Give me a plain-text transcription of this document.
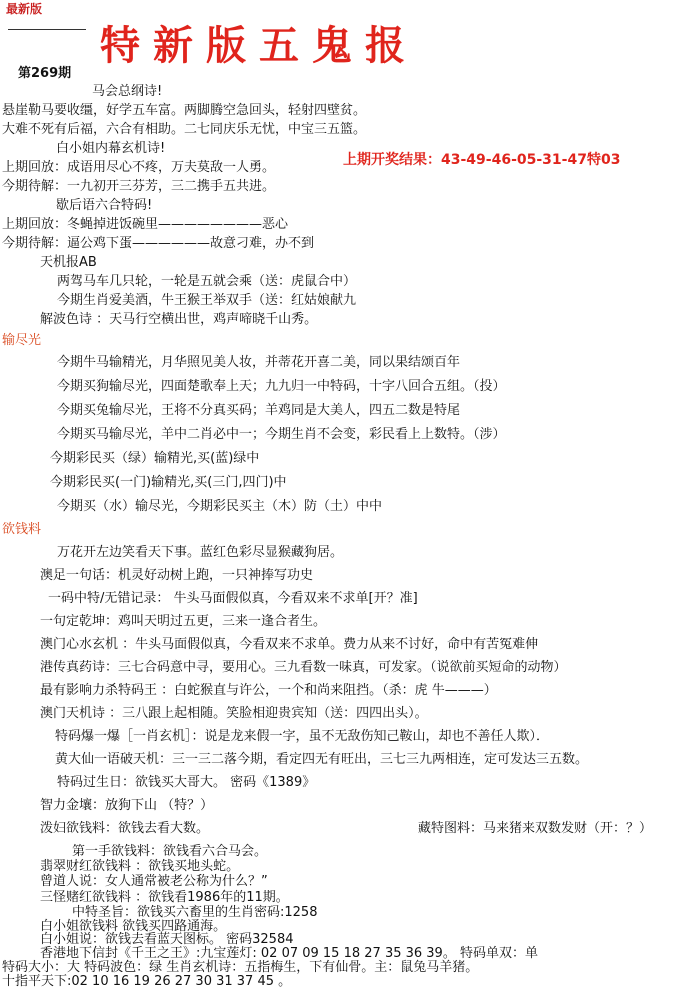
最新版
特新版五鬼报
第269期
上期开奖结果：43-49-46-05-31-47特03
马会总纲诗!
悬崖勒马要收缰，好学五车富。两脚腾空急回头，轻射四壁贫。
大难不死有后福，六合有相助。二七同庆乐无忧，中宝三五篮。
白小姐内幕玄机诗!
上期回放：成语用尽心不疼，万夫莫敌一人勇。
今期待解：一九初开三芬芳，三二携手五共进。
歇后语六合特码!
上期回放：冬蝇掉进饭碗里————————恶心
今期待解：逼公鸡下蛋——————故意刁难，办不到
天机报AB
两驾马车几只轮，一轮是五就会乘（送：虎鼠合中）
今期生肖爱美酒，牛王猴王举双手（送：红姑娘献九
解波色诗 ：天马行空横出世，鸡声啼晓千山秀。
输尽光
今期牛马输精光，月华照见美人妆，并蒂花开喜二美，同以果结颂百年
今期买狗输尽光，四面楚歌奉上天；九九归一中特码，十字八回合五组。（投）
今期买兔输尽光，王将不分真买码；羊鸡同是大美人，四五二数是特尾
今期买马输尽光，羊中二肖必中一；今期生肖不会变，彩民看上上数特。（涉）
今期彩民买（绿）输精光,买(蓝)绿中
今期彩民买(一门)输精光,买(三门,四门)中
今期买（水）输尽光，今期彩民买主（木）防（土）中中
欲钱料
万花开左边笑看天下事。蓝红色彩尽显猴藏狗居。
澳足一句话：机灵好动树上跑，一只神捧写功史
一码中特/无错记录： 牛头马面假似真，今看双来不求单[开？准]
一句定乾坤：鸡叫天明过五更，三来一逢合者生。
澳门心水玄机 ：牛头马面假似真，今看双来不求单。费力从来不讨好，命中有苦冤难伸
港传真药诗：三七合码意中寻，要用心。三九看数一味真，可发家。（说欲前买短命的动物）
最有影响力杀特码王 ：白蛇猴直与许公，一个和尚来阻挡。（杀：虎 牛———）
澳门天机诗 ：三八跟上起相随。笑脸相迎贵宾知（送：四四出头）。
特码爆一爆［一肖玄机］：说是龙来假一字，虽不无敌伤知己鞍山，却也不善任人欺）．
黄大仙一语破天机：三一三二落今期，看定四无有旺出，三七三九两相连，定可发达三五数。
特码过生日：欲钱买大哥大。 密码《1389》
智力金壤：放狗下山 （特？）
泼妇欲钱料：欲钱去看大数。	藏特图料：马来猪来双数发财（开：？）
第一手欲钱料：欲钱看六合马会。
翡翠财红欲钱料 ：欲钱买地头蛇。
曾道人说：女人通常被老公称为什么？”
三怪赌红欲钱料 ：欲钱看1986年的11期。
中特圣旨：欲钱买六畜里的生肖密码:1258
白小姐欲钱料 欲钱买四路通海。
白小姐说：欲钱去看蓝天图标。 密码32584
香港地下信封《千王之王》:九宝莲灯: 02 07 09 15 18 27 35 36 39。 特码单双：单
特码大小：大 特码波色：绿 生肖玄机诗：五指梅生，下有仙骨。主：鼠兔马羊猪。
十指平天下:02 10 16 19 26 27 30 31 37 45 。
